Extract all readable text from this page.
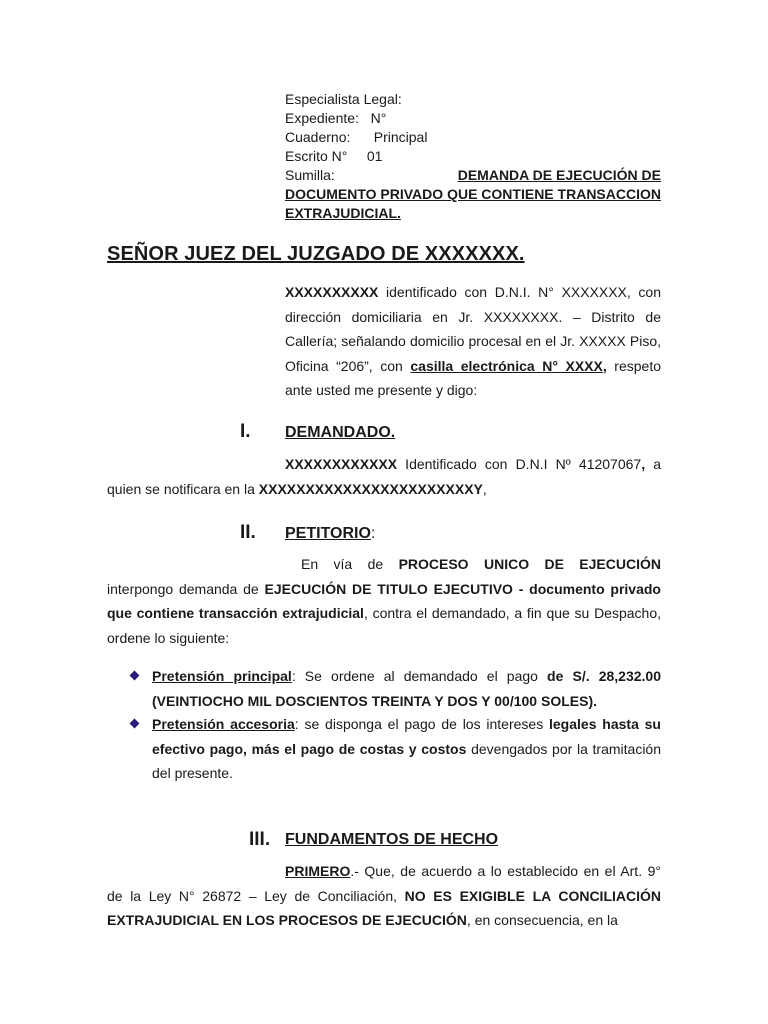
Especialista Legal:
Expediente: N°
Cuaderno: Principal
Escrito N° 01
Sumilla:	DEMANDA DE EJECUCIÓN DE
DOCUMENTO PRIVADO QUE CONTIENE TRANSACCION EXTRAJUDICIAL.
SEÑOR JUEZ DEL JUZGADO DE XXXXXXX.
XXXXXXXXXX identificado con D.N.I. N° XXXXXXX, con dirección domiciliaria en Jr. XXXXXXXX. – Distrito de Callería; señalando domicilio procesal en el Jr. XXXXX Piso, Oficina “206”, con casilla electrónica N° XXXX, respeto ante usted me presente y digo:
I. DEMANDADO.
XXXXXXXXXXXX Identificado con D.N.I Nº 41207067, a quien se notificara en la XXXXXXXXXXXXXXXXXXXXXXXY,
II. PETITORIO:
En vía de PROCESO UNICO DE EJECUCIÓN interpongo demanda de EJECUCIÓN DE TITULO EJECUTIVO - documento privado que contiene transacción extrajudicial, contra el demandado, a fin que su Despacho, ordene lo siguiente:
Pretensión principal: Se ordene al demandado el pago de S/. 28,232.00 (VEINTIOCHO MIL DOSCIENTOS TREINTA Y DOS Y 00/100 SOLES).
Pretensión accesoria: se disponga el pago de los intereses legales hasta su efectivo pago, más el pago de costas y costos devengados por la tramitación del presente.
III. FUNDAMENTOS DE HECHO
PRIMERO.- Que, de acuerdo a lo establecido en el Art. 9° de la Ley N° 26872 – Ley de Conciliación, NO ES EXIGIBLE LA CONCILIACIÓN EXTRAJUDICIAL EN LOS PROCESOS DE EJECUCIÓN, en consecuencia, en la
